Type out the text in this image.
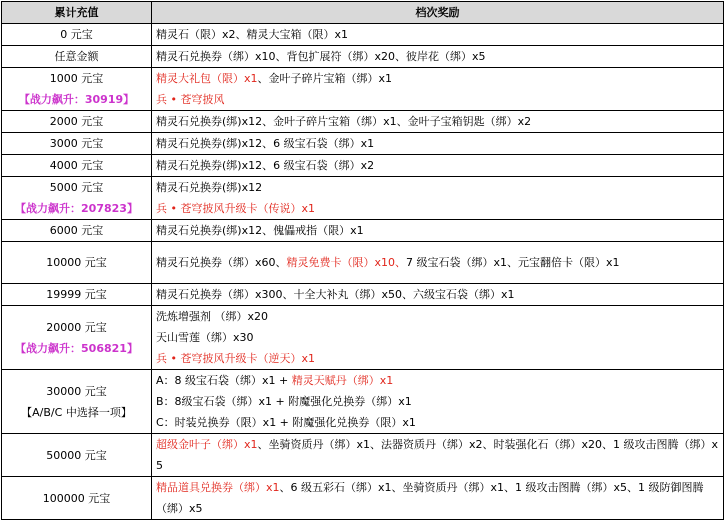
累计充值	档次奖励
0 元宝	精灵石（限）x2、精灵大宝箱（限）x1
任意金额	精灵石兑换券（绑）x10、背包扩展符（绑）x20、彼岸花（绑）x5

1000 元宝
【战力飙升：30919】	精灵大礼包（限）x1、金叶子碎片宝箱（绑）x1
兵 • 苍穹披风

2000 元宝	精灵石兑换券(绑)x12、金叶子碎片宝箱（绑）x1、金叶子宝箱钥匙（绑）x2
3000 元宝	精灵石兑换券(绑)x12、6 级宝石袋（绑）x1
4000 元宝	精灵石兑换券(绑)x12、6 级宝石袋（绑）x2

5000 元宝
【战力飙升：207823】	精灵石兑换券(绑)x12
兵 • 苍穹披风升级卡（传说）x1

6000 元宝	精灵石兑换券(绑)x12、傀儡戒指（限）x1
10000 元宝	精灵石兑换券（绑）x60、精灵免费卡（限）x10、7 级宝石袋（绑）x1、元宝翻倍卡（限）x1

19999 元宝	精灵石兑换券（绑）x300、十全大补丸（绑）x50、六级宝石袋（绑）x1

20000 元宝
【战力飙升：506821】	洗炼增强剂 （绑）x20
天山雪莲（绑）x30
兵 • 苍穹披风升级卡（逆天）x1

30000 元宝
【A/B/C 中选择一项】	A：8 级宝石袋（绑）x1 + 精灵天赋丹（绑）x1
B：8级宝石袋（绑）x1 + 附魔强化兑换券（绑）x1
C：时装兑换券（限）x1 + 附魔强化兑换券（限）x1

50000 元宝	超级金叶子（绑）x1、坐骑资质丹（绑）x1、法器资质丹（绑）x2、时装强化石（绑）x20、1 级攻击图腾（绑）x5

100000 元宝	精品道具兑换券（绑）x1、6 级五彩石（绑）x1、坐骑资质丹（绑）x1、1 级攻击图腾（绑）x5、1 级防御图腾（绑）x5
